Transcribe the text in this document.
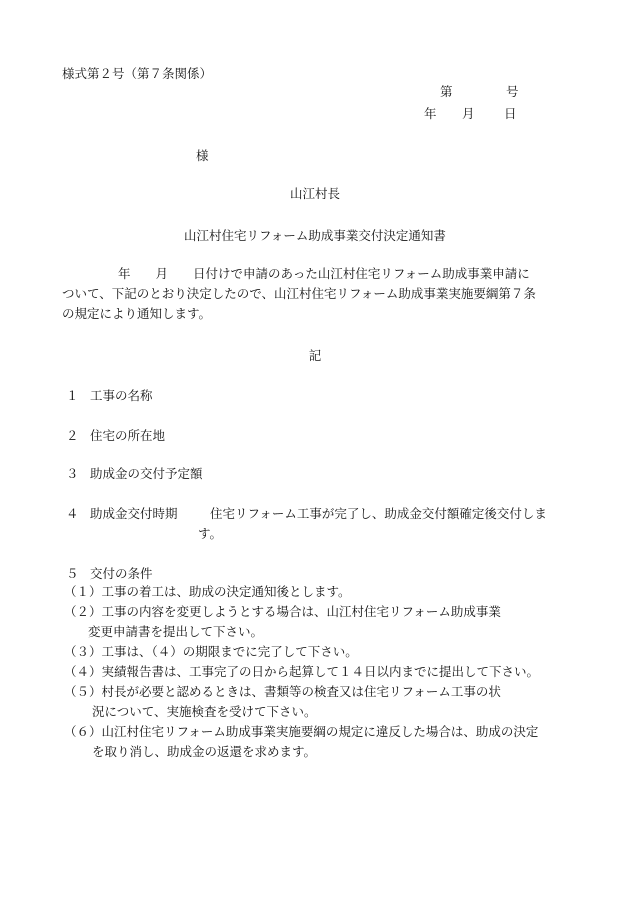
様式第２号（第７条関係）
第	号
年 月 日
様
山江村長
山江村住宅リフォーム助成事業交付決定通知書
年　　月　　日付けで申請のあった山江村住宅リフォーム助成事業申請に
ついて、下記のとおり決定したので、山江村住宅リフォーム助成事業実施要綱第７条
の規定により通知します。
記
１ 工事の名称
２ 住宅の所在地
３ 助成金の交付予定額
４ 助成金交付時期	住宅リフォーム工事が完了し、助成金交付額確定後交付しま
す。
５ 交付の条件
（１）工事の着工は、助成の決定通知後とします。
（２）工事の内容を変更しようとする場合は、山江村住宅リフォーム助成事業
変更申請書を提出して下さい。
（３）工事は、（４）の期限までに完了して下さい。
（４）実績報告書は、工事完了の日から起算して１４日以内までに提出して下さい。
（５）村長が必要と認めるときは、書類等の検査又は住宅リフォーム工事の状
況について、実施検査を受けて下さい。
（６）山江村住宅リフォーム助成事業実施要綱の規定に違反した場合は、助成の決定
を取り消し、助成金の返還を求めます。
